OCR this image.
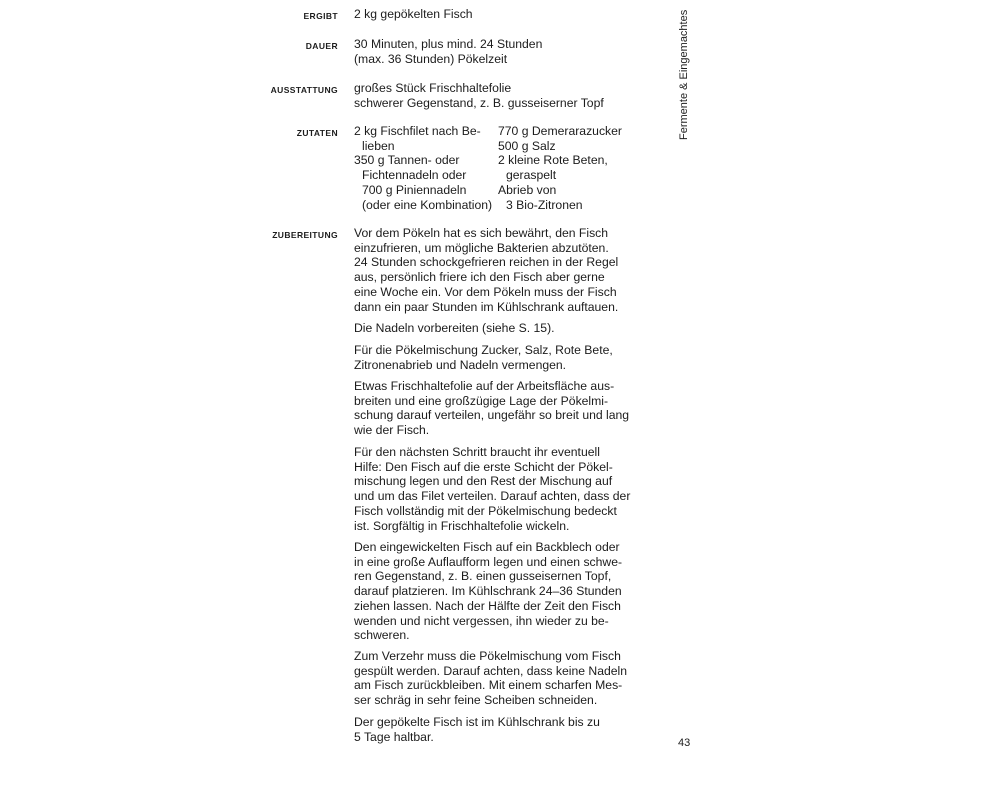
ERGIBT 2 kg gepökelten Fisch
DAUER 30 Minuten, plus mind. 24 Stunden
(max. 36 Stunden) Pökelzeit
AUSSTATTUNG großes Stück Frischhaltefolie
schwerer Gegenstand, z. B. gusseiserner Topf
ZUTATEN 2 kg Fischfilet nach Be-
lieben
350 g Tannen- oder
Fichtennadeln oder
700 g Piniennadeln
(oder eine Kombination)
770 g Demerarazucker
500 g Salz
2 kleine Rote Beten,
geraspelt
Abrieb von
3 Bio-Zitronen
ZUBEREITUNG Vor dem Pökeln hat es sich bewährt, den Fisch
einzufrieren, um mögliche Bakterien abzutöten.
24 Stunden schockgefrieren reichen in der Regel
aus, persönlich friere ich den Fisch aber gerne
eine Woche ein. Vor dem Pökeln muss der Fisch
dann ein paar Stunden im Kühlschrank auftauen.
Die Nadeln vorbereiten (siehe S. 15).
Für die Pökelmischung Zucker, Salz, Rote Bete,
Zitronenabrieb und Nadeln vermengen.
Etwas Frischhaltefolie auf der Arbeitsfläche aus-
breiten und eine großzügige Lage der Pökelmi-
schung darauf verteilen, ungefähr so breit und lang
wie der Fisch.
Für den nächsten Schritt braucht ihr eventuell
Hilfe: Den Fisch auf die erste Schicht der Pökel-
mischung legen und den Rest der Mischung auf
und um das Filet verteilen. Darauf achten, dass der
Fisch vollständig mit der Pökelmischung bedeckt
ist. Sorgfältig in Frischhaltefolie wickeln.
Den eingewickelten Fisch auf ein Backblech oder
in eine große Auflaufform legen und einen schwe-
ren Gegenstand, z. B. einen gusseisernen Topf,
darauf platzieren. Im Kühlschrank 24–36 Stunden
ziehen lassen. Nach der Hälfte der Zeit den Fisch
wenden und nicht vergessen, ihn wieder zu be-
schweren.
Zum Verzehr muss die Pökelmischung vom Fisch
gespült werden. Darauf achten, dass keine Nadeln
am Fisch zurückbleiben. Mit einem scharfen Mes-
ser schräg in sehr feine Scheiben schneiden.
Der gepökelte Fisch ist im Kühlschrank bis zu
5 Tage haltbar.
Fermente & Eingemachtes
43
